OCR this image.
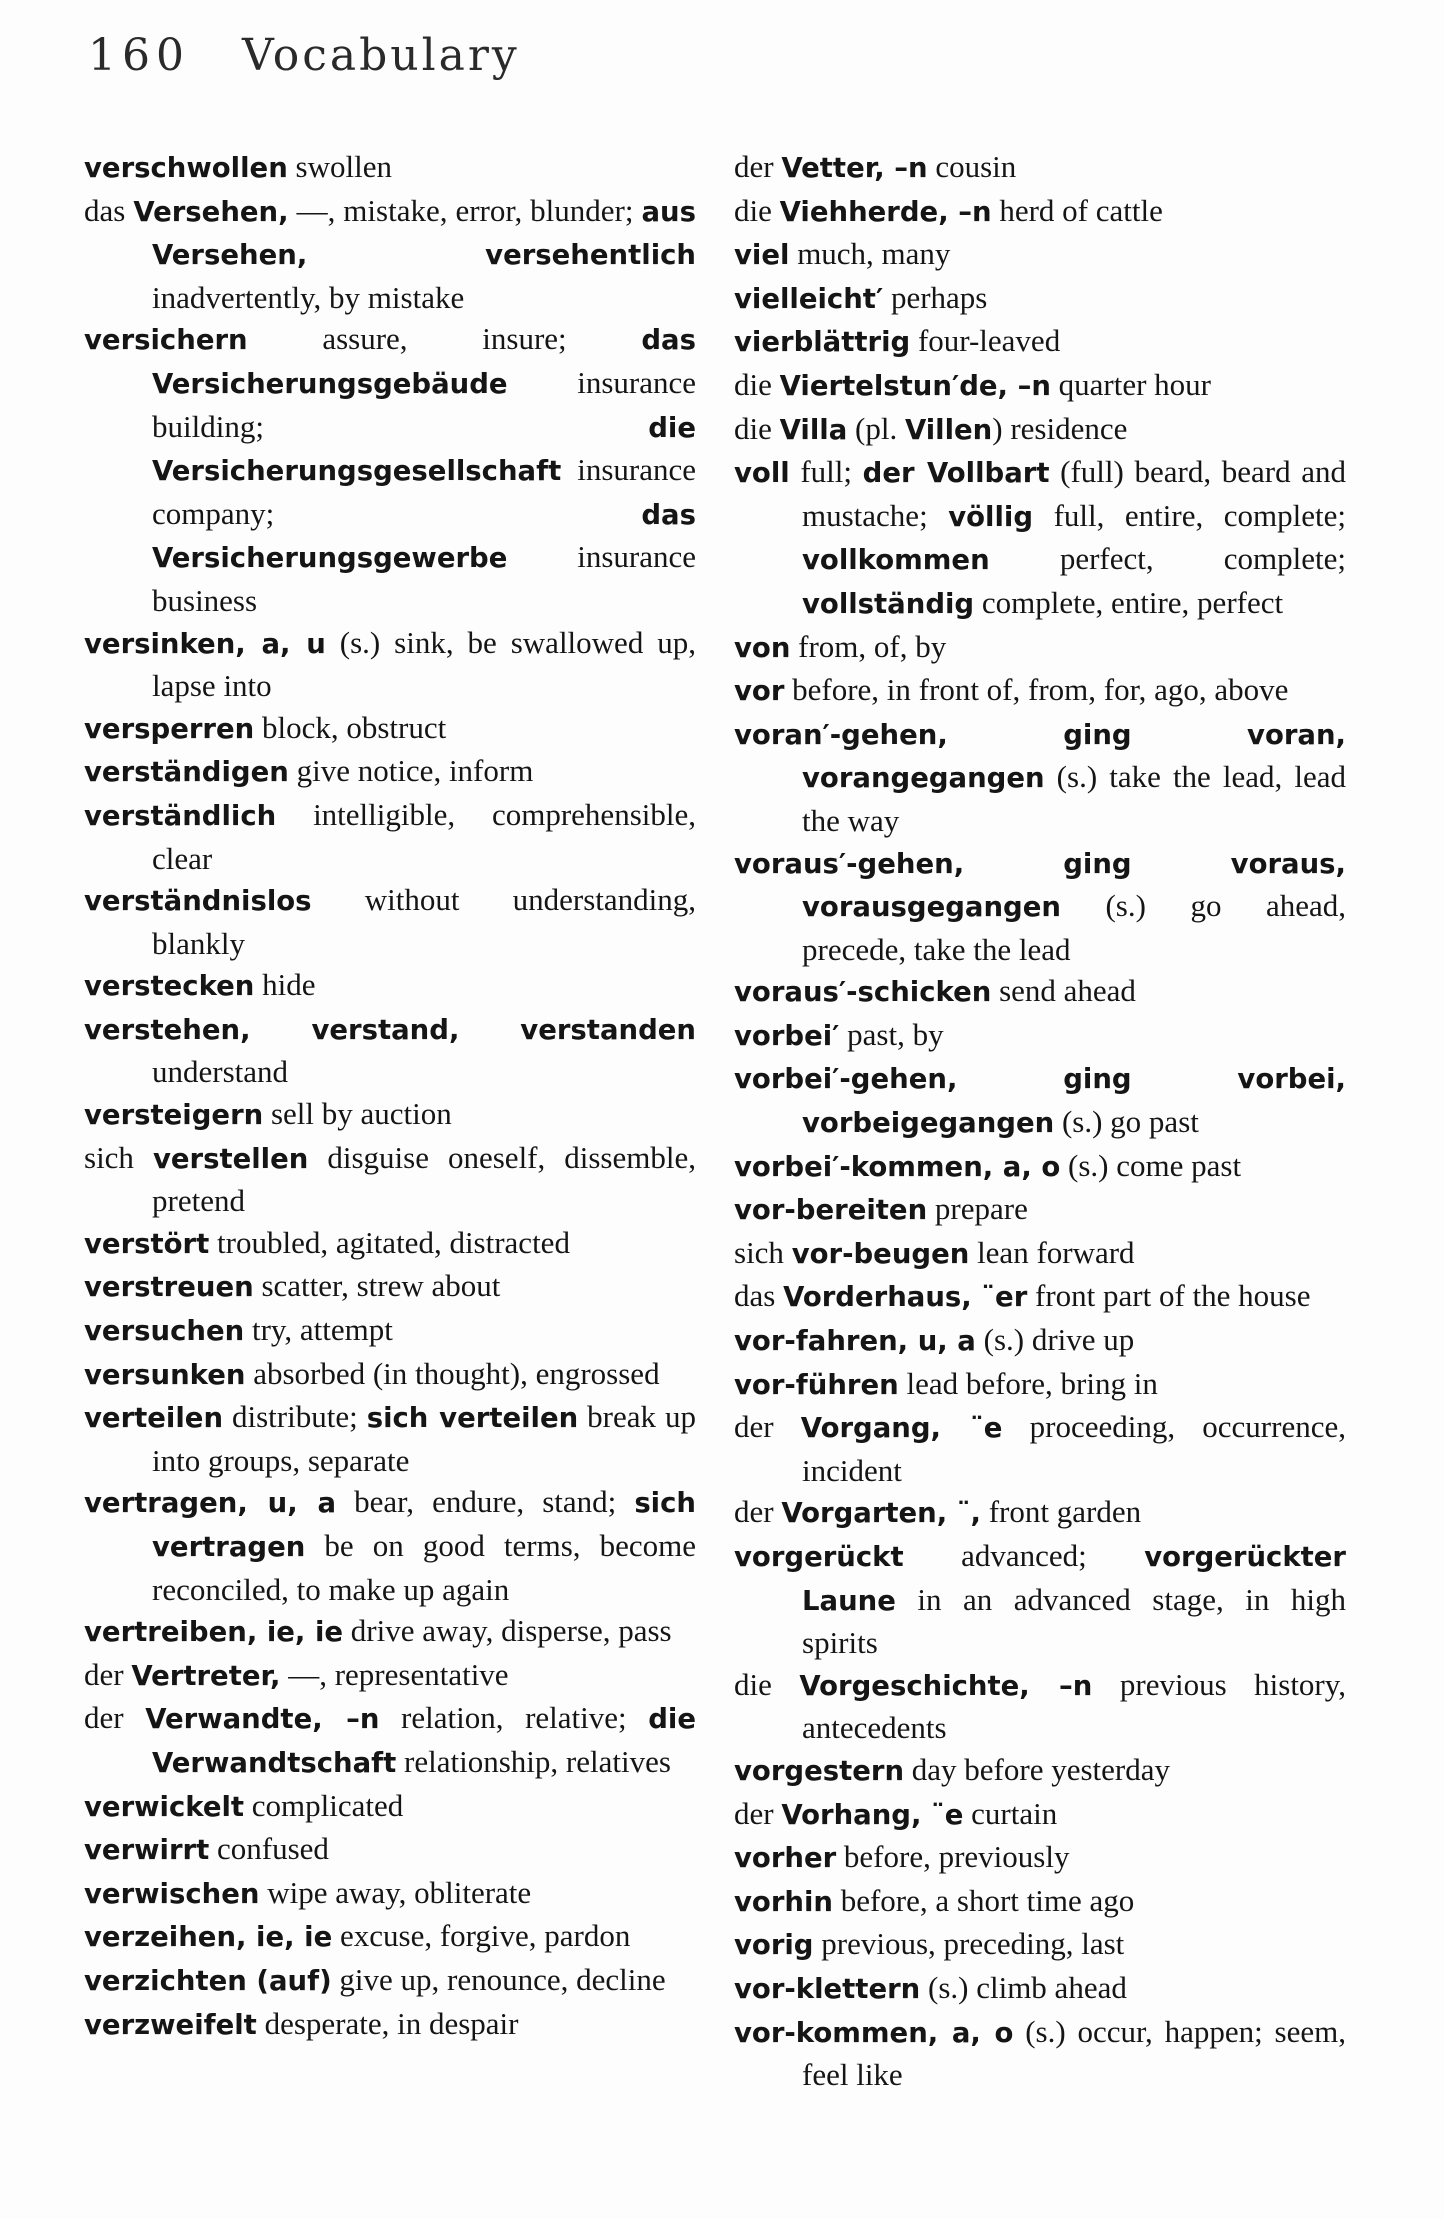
160 Vocabulary
verschwollen swollen
das Versehen, —, mistake, error, blunder; aus Versehen, versehentlich inadvertently, by mistake
versichern assure, insure; das Versicherungsgebäude insurance building; die Versicherungsgesellschaft insurance company; das Versicherungsgewerbe insurance business
versinken, a, u (s.) sink, be swallowed up, lapse into
versperren block, obstruct
verständigen give notice, inform
verständlich intelligible, comprehensible, clear
verständnislos without understanding, blankly
verstecken hide
verstehen, verstand, verstanden understand
versteigern sell by auction
sich verstellen disguise oneself, dissemble, pretend
verstört troubled, agitated, distracted
verstreuen scatter, strew about
versuchen try, attempt
versunken absorbed (in thought), engrossed
verteilen distribute; sich verteilen break up into groups, separate
vertragen, u, a bear, endure, stand; sich vertragen be on good terms, become reconciled, to make up again
vertreiben, ie, ie drive away, disperse, pass
der Vertreter, —, representative
der Verwandte, –n relation, relative; die Verwandtschaft relationship, relatives
verwickelt complicated
verwirrt confused
verwischen wipe away, obliterate
verzeihen, ie, ie excuse, forgive, pardon
verzichten (auf) give up, renounce, decline
verzweifelt desperate, in despair
der Vetter, –n cousin
die Viehherde, –n herd of cattle
viel much, many
vielleicht′ perhaps
vierblättrig four-leaved
die Viertelstun′de, –n quarter hour
die Villa (pl. Villen) residence
voll full; der Vollbart (full) beard, beard and mustache; völlig full, entire, complete; vollkommen perfect, complete; vollständig complete, entire, perfect
von from, of, by
vor before, in front of, from, for, ago, above
voran′-gehen, ging voran, vorangegangen (s.) take the lead, lead the way
voraus′-gehen, ging voraus, vorausgegangen (s.) go ahead, precede, take the lead
voraus′-schicken send ahead
vorbei′ past, by
vorbei′-gehen, ging vorbei, vorbeigegangen (s.) go past
vorbei′-kommen, a, o (s.) come past
vor-bereiten prepare
sich vor-beugen lean forward
das Vorderhaus, ¨er front part of the house
vor-fahren, u, a (s.) drive up
vor-führen lead before, bring in
der Vorgang, ¨e proceeding, occurrence, incident
der Vorgarten, ¨, front garden
vorgerückt advanced; vorgerückter Laune in an advanced stage, in high spirits
die Vorgeschichte, –n previous history, antecedents
vorgestern day before yesterday
der Vorhang, ¨e curtain
vorher before, previously
vorhin before, a short time ago
vorig previous, preceding, last
vor-klettern (s.) climb ahead
vor-kommen, a, o (s.) occur, happen; seem, feel like
